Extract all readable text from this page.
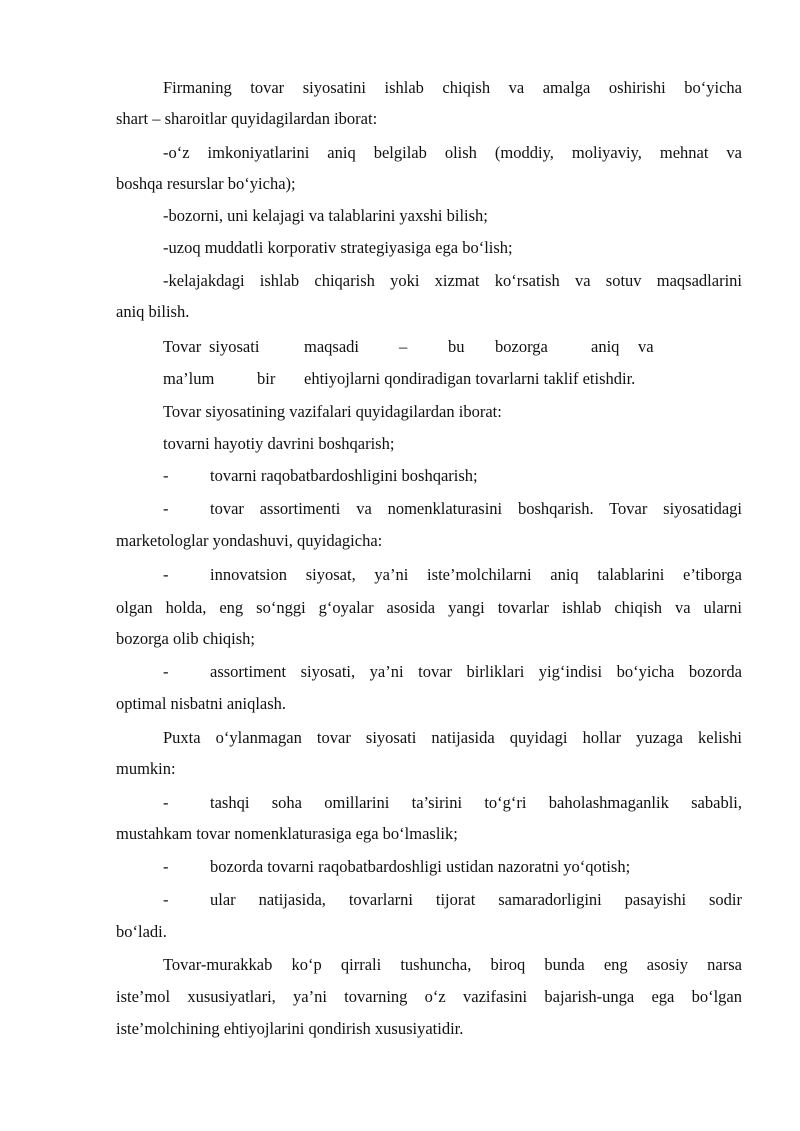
Firmaning tovar siyosatini ishlab chiqish va amalga oshirishi bo‘yicha
shart – sharoitlar quyidagilardan iborat:
-o‘z imkoniyatlarini aniq belgilab olish (moddiy, moliyaviy, mehnat va
boshqa resurslar bo‘yicha);
-bozorni, uni kelajagi va talablarini yaxshi bilish;
-uzoq muddatli korporativ strategiyasiga ega bo‘lish;
-kelajakdagi ishlab chiqarish yoki xizmat ko‘rsatish va sotuv maqsadlarini
aniq bilish.
Tovar siyosati	maqsadi – bu bozorga	aniq va
ma’lum	bir ehtiyojlarni qondiradigan tovarlarni taklif etishdir.
Tovar siyosatining vazifalari quyidagilardan iborat:
tovarni hayotiy davrini boshqarish;
-	tovarni raqobatbardoshligini boshqarish;
-	tovar assortimenti va nomenklaturasini boshqarish. Tovar siyosatidagi
marketologlar yondashuvi, quyidagicha:
-	innovatsion siyosat, ya’ni iste’molchilarni aniq talablarini e’tiborga
olgan holda, eng so‘nggi g‘oyalar asosida yangi tovarlar ishlab chiqish va ularni
bozorga olib chiqish;
-	assortiment siyosati, ya’ni tovar birliklari yig‘indisi bo‘yicha bozorda
optimal nisbatni aniqlash.
Puxta o‘ylanmagan tovar siyosati natijasida quyidagi hollar yuzaga kelishi
mumkin:
-	tashqi soha omillarini ta’sirini to‘g‘ri baholashmaganlik sababli,
mustahkam tovar nomenklaturasiga ega bo‘lmaslik;
-	bozorda tovarni raqobatbardoshligi ustidan nazoratni yo‘qotish;
-	ular natijasida, tovarlarni tijorat samaradorligini pasayishi sodir
bo‘ladi.
Tovar-murakkab ko‘p qirrali tushuncha, biroq bunda eng asosiy narsa
iste’mol xususiyatlari, ya’ni tovarning o‘z vazifasini bajarish-unga ega bo‘lgan
iste’molchining ehtiyojlarini qondirish xususiyatidir.
